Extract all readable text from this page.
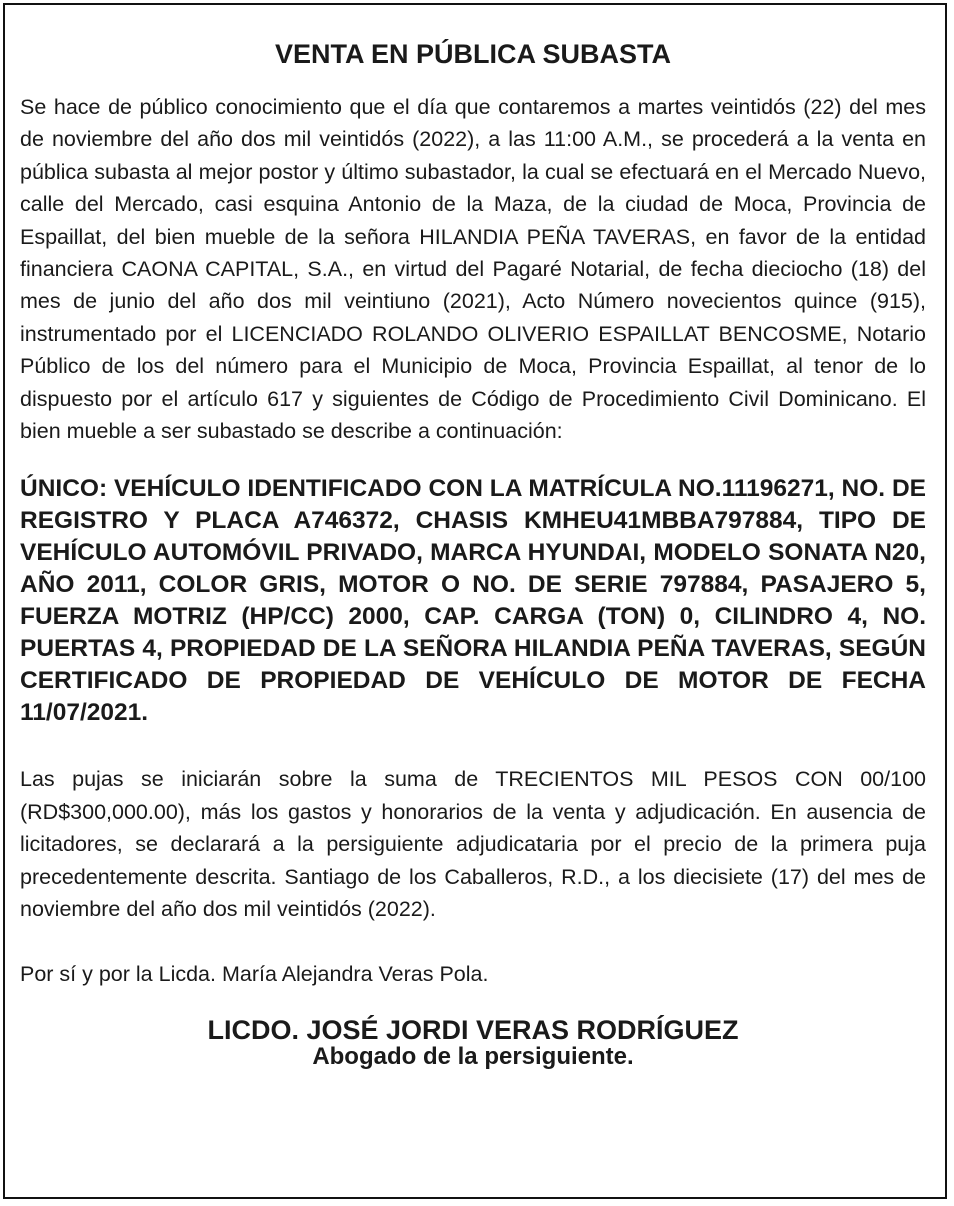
VENTA EN PÚBLICA SUBASTA

Se hace de público conocimiento que el día que contaremos a martes veintidós (22) del mes de noviembre del año dos mil veintidós (2022), a las 11:00 A.M., se procederá a la venta en pública subasta al mejor postor y último subastador, la cual se efectuará en el Mercado Nuevo, calle del Mercado, casi esquina Antonio de la Maza, de la ciudad de Moca, Provincia de Espaillat, del bien mueble de la señora HILANDIA PEÑA TAVERAS, en favor de la entidad financiera CAONA CAPITAL, S.A., en virtud del Pagaré Notarial, de fecha dieciocho (18) del mes de junio del año dos mil veintiuno (2021), Acto Número novecientos quince (915), instrumentado por el LICENCIADO ROLANDO OLIVERIO ESPAILLAT BENCOSME, Notario Público de los del número para el Municipio de Moca, Provincia Espaillat, al tenor de lo dispuesto por el artículo 617 y siguientes de Código de Procedimiento Civil Dominicano. El bien mueble a ser subastado se describe a continuación:

ÚNICO: VEHÍCULO IDENTIFICADO CON LA MATRÍCULA NO.11196271, NO. DE REGISTRO Y PLACA A746372, CHASIS KMHEU41MBBA797884, TIPO DE VEHÍCULO AUTOMÓVIL PRIVADO, MARCA HYUNDAI, MODELO SONATA N20, AÑO 2011, COLOR GRIS, MOTOR O NO. DE SERIE 797884, PASAJERO 5, FUERZA MOTRIZ (HP/CC) 2000, CAP. CARGA (TON) 0, CILINDRO 4, NO. PUERTAS 4, PROPIEDAD DE LA SEÑORA HILANDIA PEÑA TAVERAS, SEGÚN CERTIFICADO DE PROPIEDAD DE VEHÍCULO DE MOTOR DE FECHA 11/07/2021.

Las pujas se iniciarán sobre la suma de TRECIENTOS MIL PESOS CON 00/100 (RD$300,000.00), más los gastos y honorarios de la venta y adjudicación. En ausencia de licitadores, se declarará a la persiguiente adjudicataria por el precio de la primera puja precedentemente descrita. Santiago de los Caballeros, R.D., a los diecisiete (17) del mes de noviembre del año dos mil veintidós (2022).

Por sí y por la Licda. María Alejandra Veras Pola.

LICDO. JOSÉ JORDI VERAS RODRÍGUEZ
Abogado de la persiguiente.
